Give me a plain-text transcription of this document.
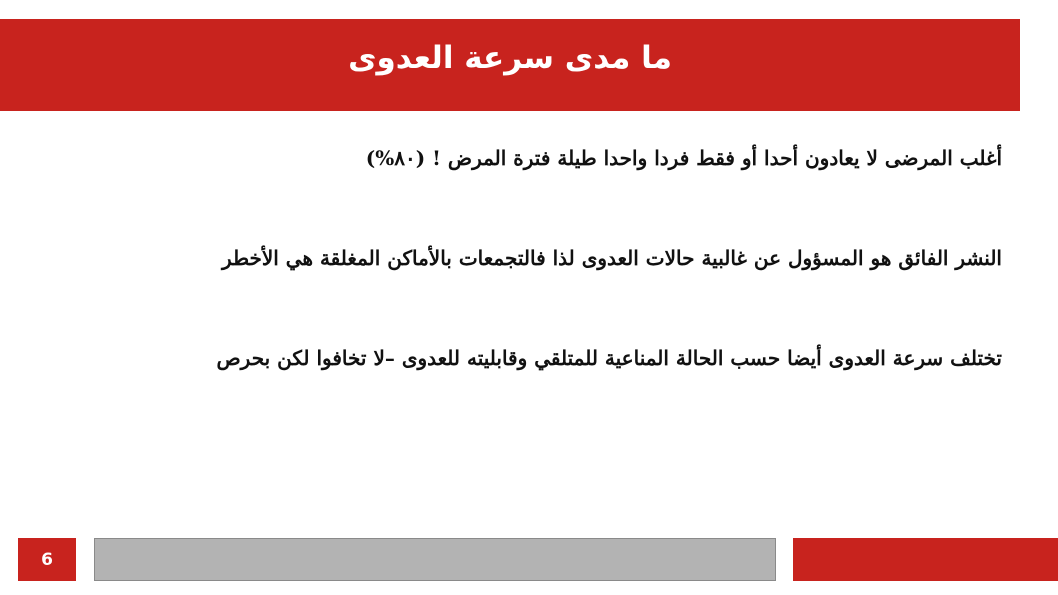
ما مدى سرعة العدوى
أغلب المرضى لا يعادون أحدا أو فقط فردا واحدا طيلة فترة المرض ! (٨٠%)
النشر الفائق هو المسؤول عن غالبية حالات العدوى لذا فالتجمعات بالأماكن المغلقة هي الأخطر
تختلف سرعة العدوى أيضا حسب الحالة المناعية للمتلقي وقابليته للعدوى –لا تخافوا لكن بحرص
6
